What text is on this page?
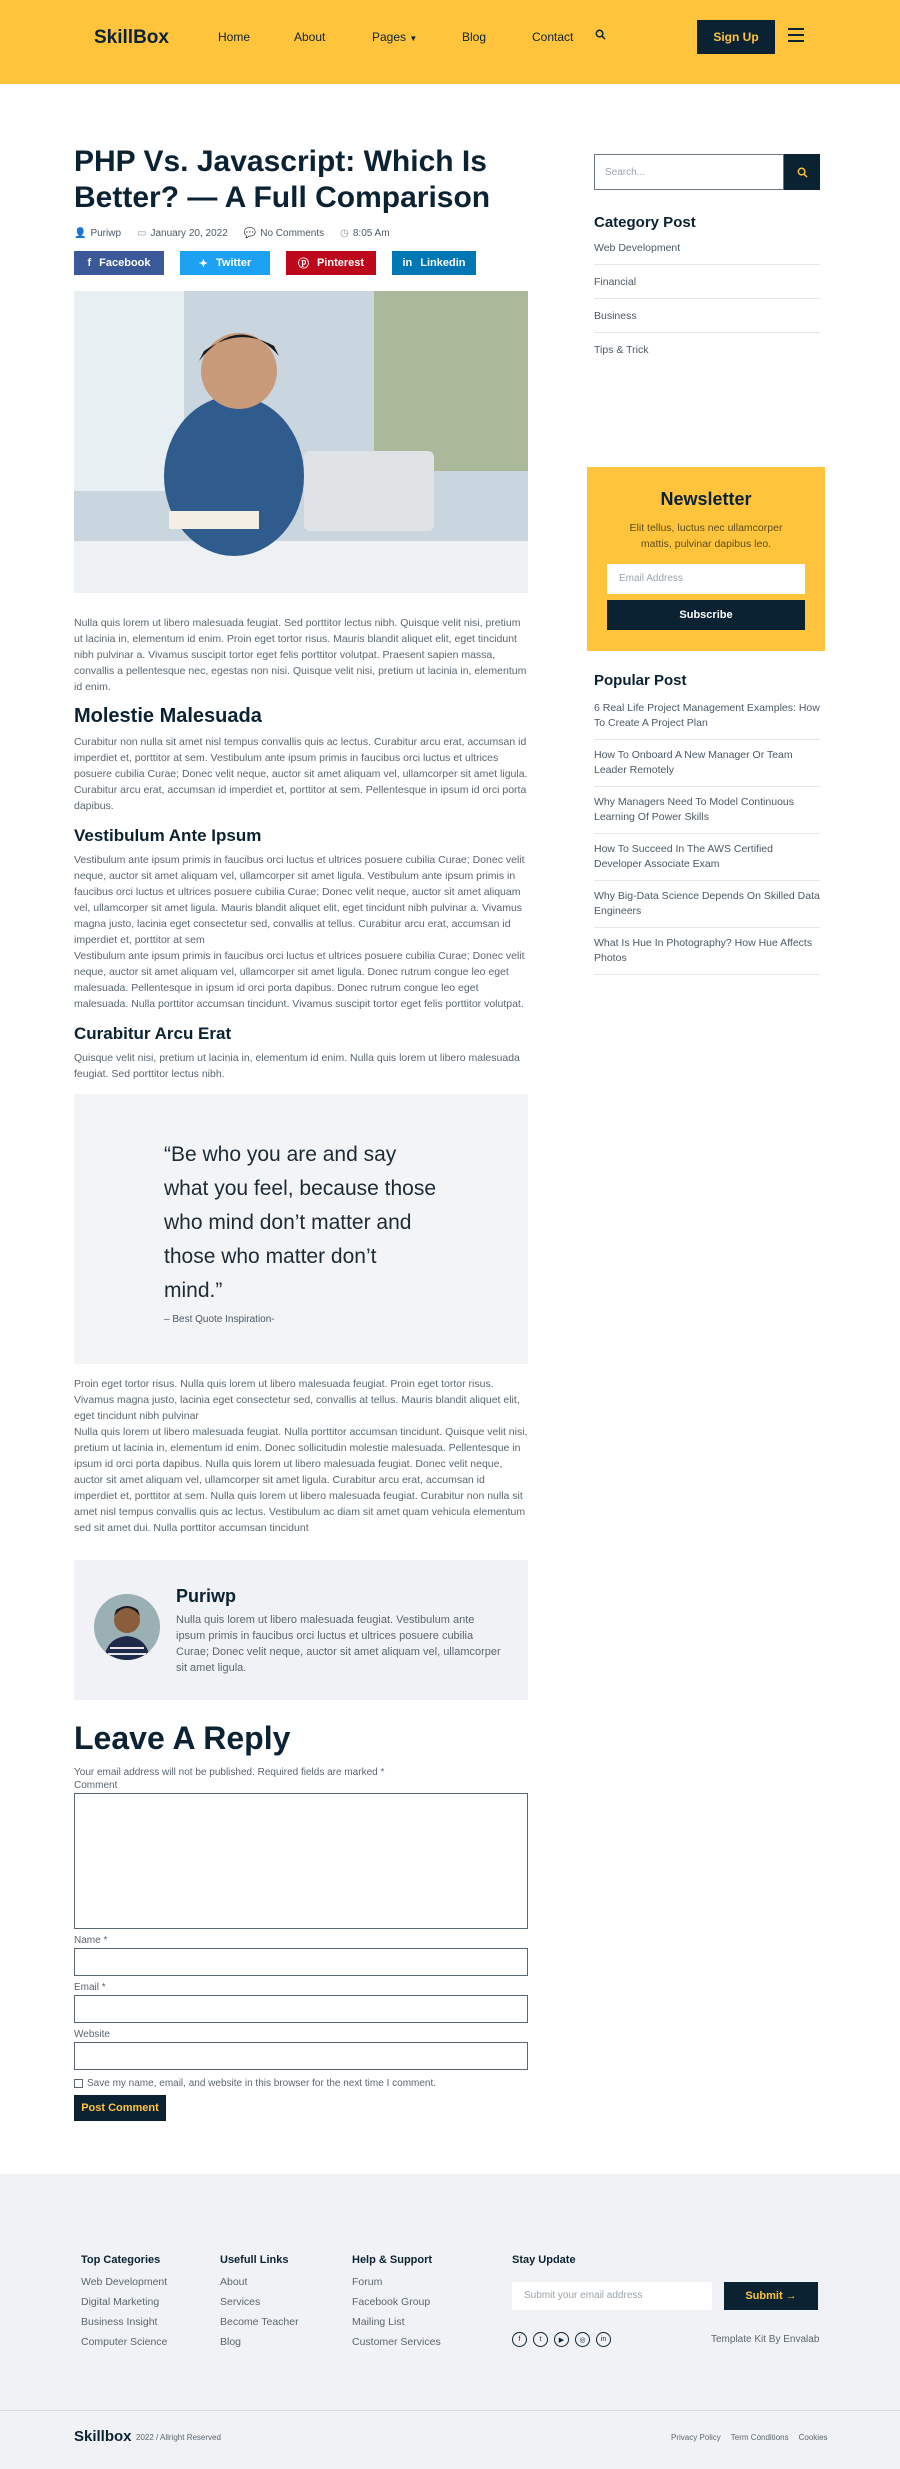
SkillBox	Home	About	Pages ▼	Blog	Contact	Sign Up
PHP Vs. Javascript: Which Is Better? — A Full Comparison
👤 Puriwp ▭ January 20, 2022 💬 No Comments ◷ 8:05 Am
f Facebook	✦ Twitter	ⓟ Pinterest	in Linkedin

Nulla quis lorem ut libero malesuada feugiat. Sed porttitor lectus nibh. Quisque velit nisi, pretium ut lacinia in, elementum id enim. Proin eget tortor risus. Mauris blandit aliquet elit, eget tincidunt nibh pulvinar a. Vivamus suscipit tortor eget felis porttitor volutpat. Praesent sapien massa, convallis a pellentesque nec, egestas non nisi. Quisque velit nisi, pretium ut lacinia in, elementum id enim.

Molestie Malesuada

Curabitur non nulla sit amet nisl tempus convallis quis ac lectus. Curabitur arcu erat, accumsan id imperdiet et, porttitor at sem. Vestibulum ante ipsum primis in faucibus orci luctus et ultrices posuere cubilia Curae; Donec velit neque, auctor sit amet aliquam vel, ullamcorper sit amet ligula. Curabitur arcu erat, accumsan id imperdiet et, porttitor at sem. Pellentesque in ipsum id orci porta dapibus.

Vestibulum Ante Ipsum

Vestibulum ante ipsum primis in faucibus orci luctus et ultrices posuere cubilia Curae; Donec velit neque, auctor sit amet aliquam vel, ullamcorper sit amet ligula. Vestibulum ante ipsum primis in faucibus orci luctus et ultrices posuere cubilia Curae; Donec velit neque, auctor sit amet aliquam vel, ullamcorper sit amet ligula. Mauris blandit aliquet elit, eget tincidunt nibh pulvinar a. Vivamus magna justo, lacinia eget consectetur sed, convallis at tellus. Curabitur arcu erat, accumsan id imperdiet et, porttitor at sem

Vestibulum ante ipsum primis in faucibus orci luctus et ultrices posuere cubilia Curae; Donec velit neque, auctor sit amet aliquam vel, ullamcorper sit amet ligula. Donec rutrum congue leo eget malesuada. Pellentesque in ipsum id orci porta dapibus. Donec rutrum congue leo eget malesuada. Nulla porttitor accumsan tincidunt. Vivamus suscipit tortor eget felis porttitor volutpat.

Curabitur Arcu Erat

Quisque velit nisi, pretium ut lacinia in, elementum id enim. Nulla quis lorem ut libero malesuada feugiat. Sed porttitor lectus nibh.

“Be who you are and say what you feel, because those who mind don’t matter and those who matter don’t mind.”
– Best Quote Inspiration-

Proin eget tortor risus. Nulla quis lorem ut libero malesuada feugiat. Proin eget tortor risus. Vivamus magna justo, lacinia eget consectetur sed, convallis at tellus. Mauris blandit aliquet elit, eget tincidunt nibh pulvinar

Nulla quis lorem ut libero malesuada feugiat. Nulla porttitor accumsan tincidunt. Quisque velit nisi, pretium ut lacinia in, elementum id enim. Donec sollicitudin molestie malesuada. Pellentesque in ipsum id orci porta dapibus. Nulla quis lorem ut libero malesuada feugiat. Donec velit neque, auctor sit amet aliquam vel, ullamcorper sit amet ligula. Curabitur arcu erat, accumsan id imperdiet et, porttitor at sem. Nulla quis lorem ut libero malesuada feugiat. Curabitur non nulla sit amet nisl tempus convallis quis ac lectus. Vestibulum ac diam sit amet quam vehicula elementum sed sit amet dui. Nulla porttitor accumsan tincidunt

Puriwp
Nulla quis lorem ut libero malesuada feugiat. Vestibulum ante ipsum primis in faucibus orci luctus et ultrices posuere cubilia Curae; Donec velit neque, auctor sit amet aliquam vel, ullamcorper sit amet ligula.
Leave A Reply
Your email address will not be published. Required fields are marked *
Comment
Name *
Email *
Website
Save my name, email, and website in this browser for the next time I comment.
Post Comment
Search...
Category Post
Web Development
Financial
Business
Tips & Trick
Newsletter
Elit tellus, luctus nec ullamcorper mattis, pulvinar dapibus leo.
Email Address
Subscribe
Popular Post
6 Real Life Project Management Examples: How To Create A Project Plan
How To Onboard A New Manager Or Team Leader Remotely
Why Managers Need To Model Continuous Learning Of Power Skills
How To Succeed In The AWS Certified Developer Associate Exam
Why Big-Data Science Depends On Skilled Data Engineers
What Is Hue In Photography? How Hue Affects Photos
Top Categories
Web Development
Digital Marketing
Business Insight
Computer Science
Usefull Links
About
Services
Become Teacher
Blog
Help & Support
Forum
Facebook Group
Mailing List
Customer Services
Stay Update
Submit your email address	Submit →
f	t	▶	◎	in	Template Kit By Envalab
Skillbox 2022 / Allright Reserved	Privacy Policy Term Conditions Cookies
